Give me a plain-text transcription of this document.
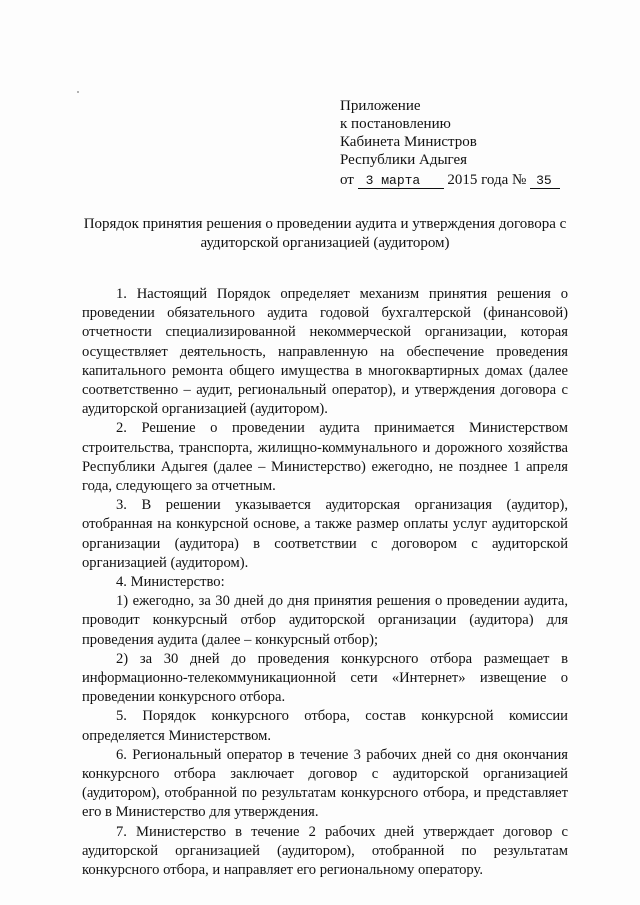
Приложение
к постановлению
Кабинета Министров
Республики Адыгея
от 3 марта 2015 года № 35
Порядок принятия решения о проведении аудита и утверждения договора с аудиторской организацией (аудитором)

1. Настоящий Порядок определяет механизм принятия решения о проведении обязательного аудита годовой бухгалтерской (финансовой) отчетности специализированной некоммерческой организации, которая осуществляет деятельность, направленную на обеспечение проведения капитального ремонта общего имущества в многоквартирных домах (далее соответственно – аудит, региональный оператор), и утверждения договора с аудиторской организацией (аудитором).

2. Решение о проведении аудита принимается Министерством строительства, транспорта, жилищно-коммунального и дорожного хозяйства Республики Адыгея (далее – Министерство) ежегодно, не позднее 1 апреля года, следующего за отчетным.

3. В решении указывается аудиторская организация (аудитор), отобранная на конкурсной основе, а также размер оплаты услуг аудиторской организации (аудитора) в соответствии с договором с аудиторской организацией (аудитором).

4. Министерство:

1) ежегодно, за 30 дней до дня принятия решения о проведении аудита, проводит конкурсный отбор аудиторской организации (аудитора) для проведения аудита (далее – конкурсный отбор);

2) за 30 дней до проведения конкурсного отбора размещает в информационно-телекоммуникационной сети «Интернет» извещение о проведении конкурсного отбора.

5. Порядок конкурсного отбора, состав конкурсной комиссии определяется Министерством.

6. Региональный оператор в течение 3 рабочих дней со дня окончания конкурсного отбора заключает договор с аудиторской организацией (аудитором), отобранной по результатам конкурсного отбора, и представляет его в Министерство для утверждения.

7. Министерство в течение 2 рабочих дней утверждает договор с аудиторской организацией (аудитором), отобранной по результатам конкурсного отбора, и направляет его региональному оператору.
